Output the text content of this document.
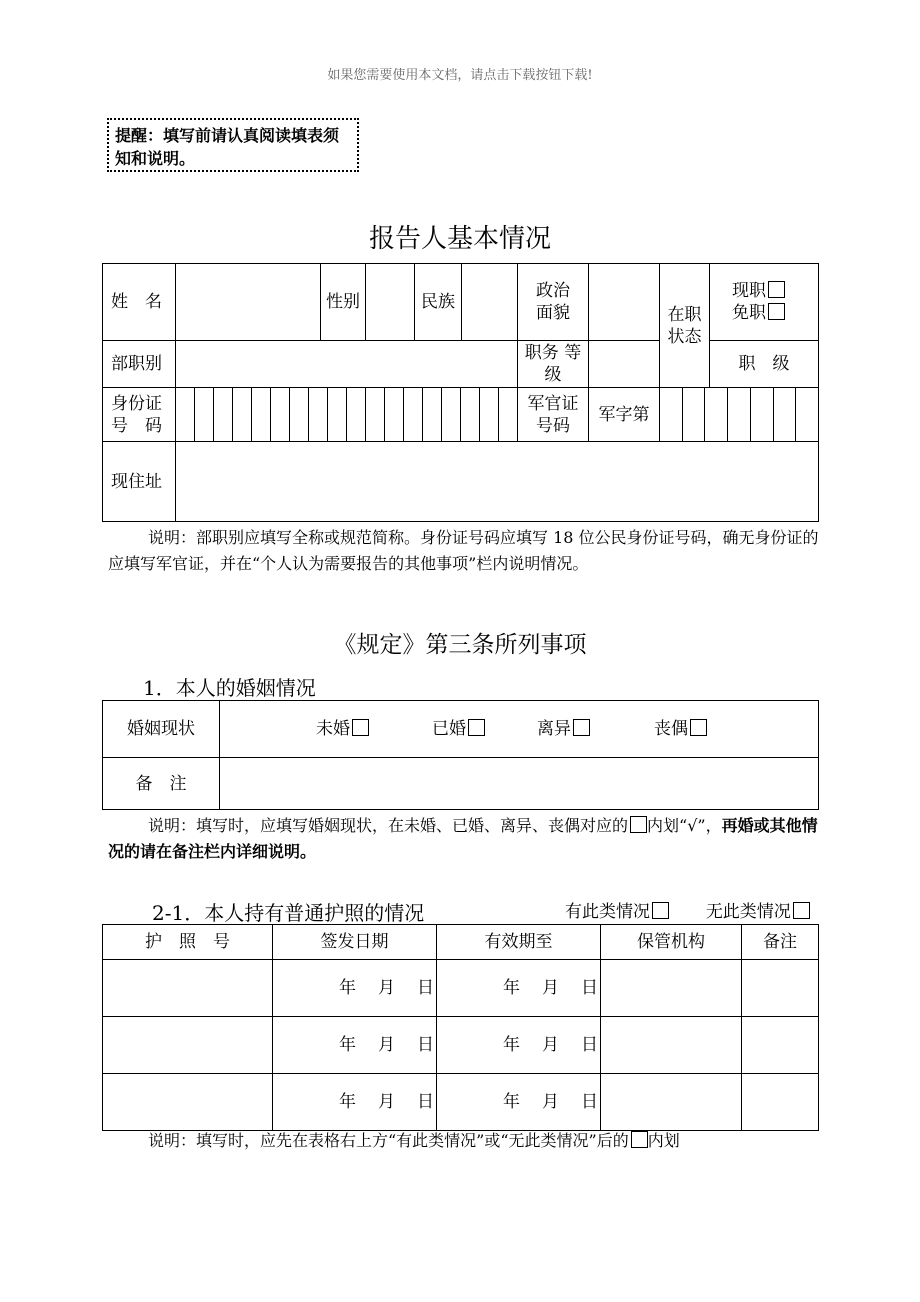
如果您需要使用本文档，请点击下载按钮下载!
提醒：填写前请认真阅读填表须知和说明。
报告人基本情况
姓　名		性别		民族		政治面貌		在职状态	现职
免职

部职别						职务 等级			职　级

身份证号　码						军官证号码	军字第		

现住址									
说明：部职别应填写全称或规范简称。身份证号码应填写 18 位公民身份证号码，确无身份证的应填写军官证，并在“个人认为需要报告的其他事项”栏内说明情况。
《规定》第三条所列事项
1．本人的婚姻情况
婚姻现状	未婚 已婚 离异 丧偶
备　注	
说明：填写时，应填写婚姻现状，在未婚、已婚、离异、丧偶对应的 内划“√”，再婚或其他情况的请在备注栏内详细说明。
2-1．本人持有普通护照的情况	有此类情况	无此类情况
护　照　号	签发日期	有效期至	保管机构	备注
	年 月 日	年 月 日		
	年 月 日	年 月 日		
	年 月 日	年 月 日		
说明：填写时，应先在表格右上方“有此类情况”或“无此类情况”后的 内划
